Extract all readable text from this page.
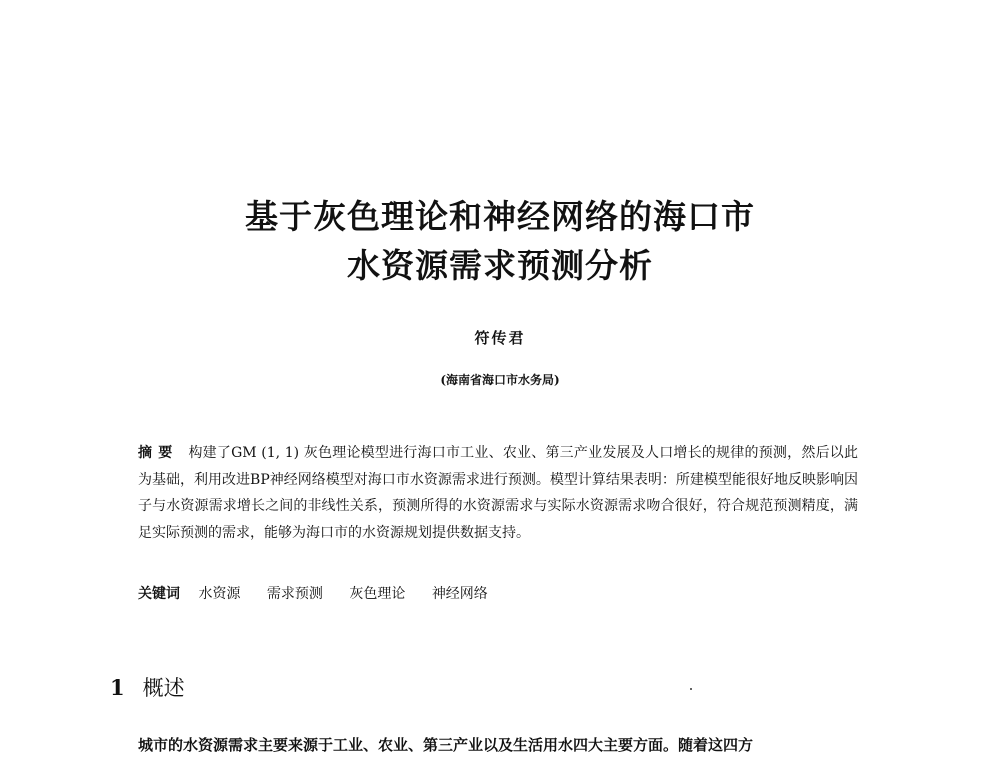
基于灰色理论和神经网络的海口市
水资源需求预测分析
符传君
(海南省海口市水务局)
摘要 构建了GM (1, 1) 灰色理论模型进行海口市工业、农业、第三产业发展及人口增长的规律的预测，然后以此为基础，利用改进BP神经网络模型对海口市水资源需求进行预测。模型计算结果表明：所建模型能很好地反映影响因子与水资源需求增长之间的非线性关系，预测所得的水资源需求与实际水资源需求吻合很好，符合规范预测精度，满足实际预测的需求，能够为海口市的水资源规划提供数据支持。
关键词 水资源 需求预测 灰色理论 神经网络
1 概述
城市的水资源需求主要来源于工业、农业、第三产业以及生活用水四大主要方面。随着这四方
